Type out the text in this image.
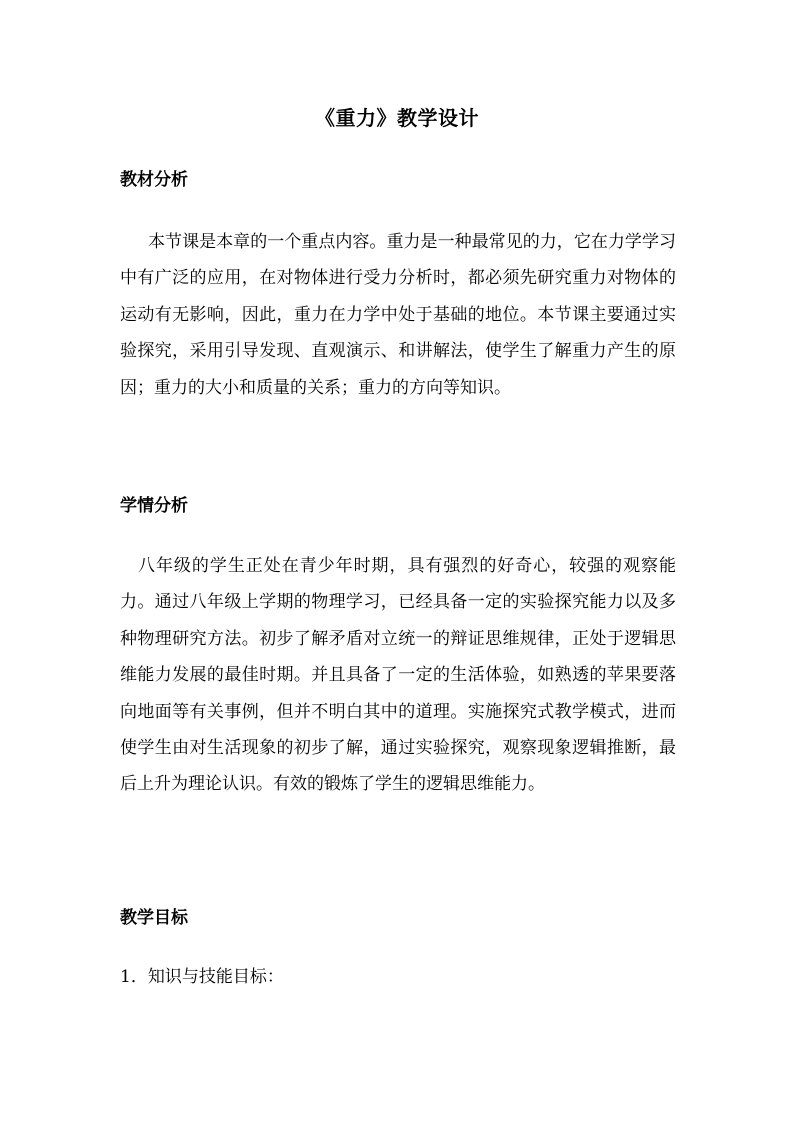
《重力》教学设计
教材分析

本节课是本章的一个重点内容。重力是一种最常见的力，它在力学学习中有广泛的应用，在对物体进行受力分析时，都必须先研究重力对物体的运动有无影响，因此，重力在力学中处于基础的地位。本节课主要通过实验探究，采用引导发现、直观演示、和讲解法，使学生了解重力产生的原因；重力的大小和质量的关系；重力的方向等知识。

学情分析

八年级的学生正处在青少年时期，具有强烈的好奇心，较强的观察能力。通过八年级上学期的物理学习，已经具备一定的实验探究能力以及多种物理研究方法。初步了解矛盾对立统一的辩证思维规律，正处于逻辑思维能力发展的最佳时期。并且具备了一定的生活体验，如熟透的苹果要落向地面等有关事例，但并不明白其中的道理。实施探究式教学模式，进而使学生由对生活现象的初步了解，通过实验探究，观察现象逻辑推断，最后上升为理论认识。有效的锻炼了学生的逻辑思维能力。

教学目标
1．知识与技能目标：
